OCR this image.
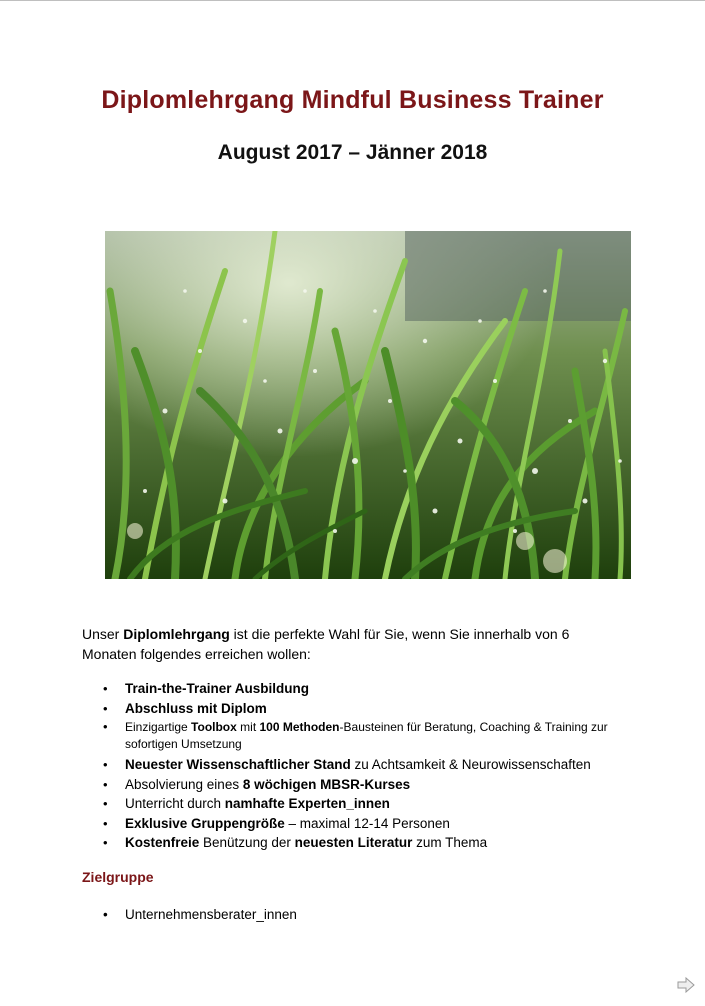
Diplomlehrgang Mindful Business Trainer
August 2017 – Jänner 2018
Unser Diplomlehrgang ist die perfekte Wahl für Sie, wenn Sie innerhalb von 6 Monaten folgendes erreichen wollen:
• Train-the-Trainer Ausbildung
• Abschluss mit Diplom
• Einzigartige Toolbox mit 100 Methoden-Bausteinen für Beratung, Coaching & Training zur sofortigen Umsetzung
• Neuester Wissenschaftlicher Stand zu Achtsamkeit & Neurowissenschaften
• Absolvierung eines 8 wöchigen MBSR-Kurses
• Unterricht durch namhafte Experten_innen
• Exklusive Gruppengröße – maximal 12-14 Personen
• Kostenfreie Benützung der neuesten Literatur zum Thema
Zielgruppe
• Unternehmensberater_innen
